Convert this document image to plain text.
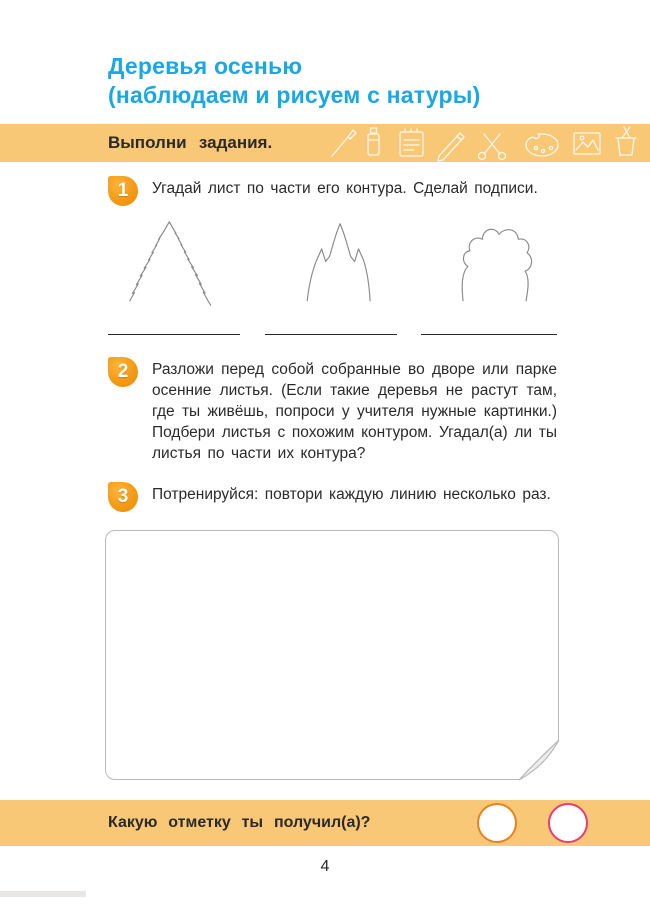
Деревья осенью
(наблюдаем и рисуем с натуры)
Выполни задания.
1	Угадай лист по части его контура. Сделай подписи.
2	Разложи перед собой собранные во дворе или парке осенние листья. (Если такие деревья не растут там, где ты живёшь, попроси у учителя нужные картинки.) Подбери листья с похожим контуром. Угадал(а) ли ты листья по части их контура?
3	Потренируйся: повтори каждую линию несколько раз.
Какую отметку ты получил(а)?
4
